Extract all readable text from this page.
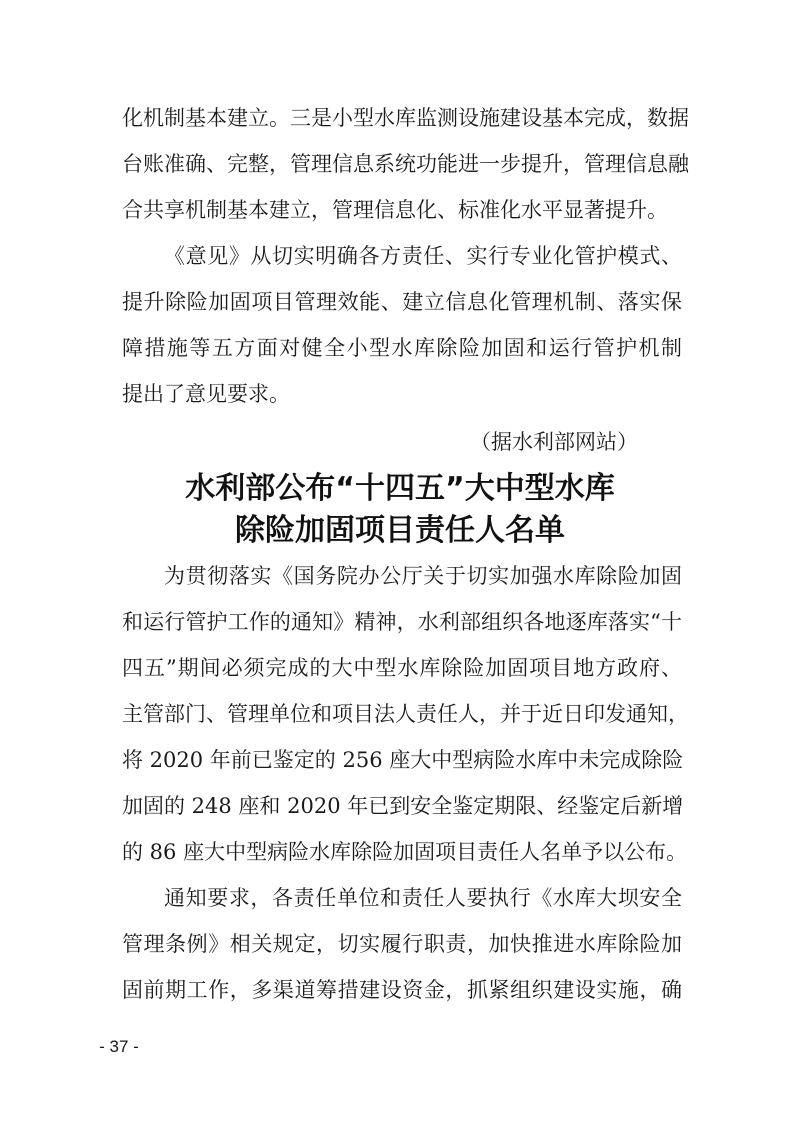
化机制基本建立。三是小型水库监测设施建设基本完成，数据
台账准确、完整，管理信息系统功能进一步提升，管理信息融
合共享机制基本建立，管理信息化、标准化水平显著提升。
《意见》从切实明确各方责任、实行专业化管护模式、
提升除险加固项目管理效能、建立信息化管理机制、落实保
障措施等五方面对健全小型水库除险加固和运行管护机制
提出了意见要求。
（据水利部网站）
水利部公布“十四五”大中型水库
除险加固项目责任人名单
为贯彻落实《国务院办公厅关于切实加强水库除险加固
和运行管护工作的通知》精神，水利部组织各地逐库落实“十
四五”期间必须完成的大中型水库除险加固项目地方政府、
主管部门、管理单位和项目法人责任人，并于近日印发通知，
将 2020 年前已鉴定的 256 座大中型病险水库中未完成除险
加固的 248 座和 2020 年已到安全鉴定期限、经鉴定后新增
的 86 座大中型病险水库除险加固项目责任人名单予以公布。
通知要求，各责任单位和责任人要执行《水库大坝安全
管理条例》相关规定，切实履行职责，加快推进水库除险加
固前期工作，多渠道筹措建设资金，抓紧组织建设实施，确
- 37 -
